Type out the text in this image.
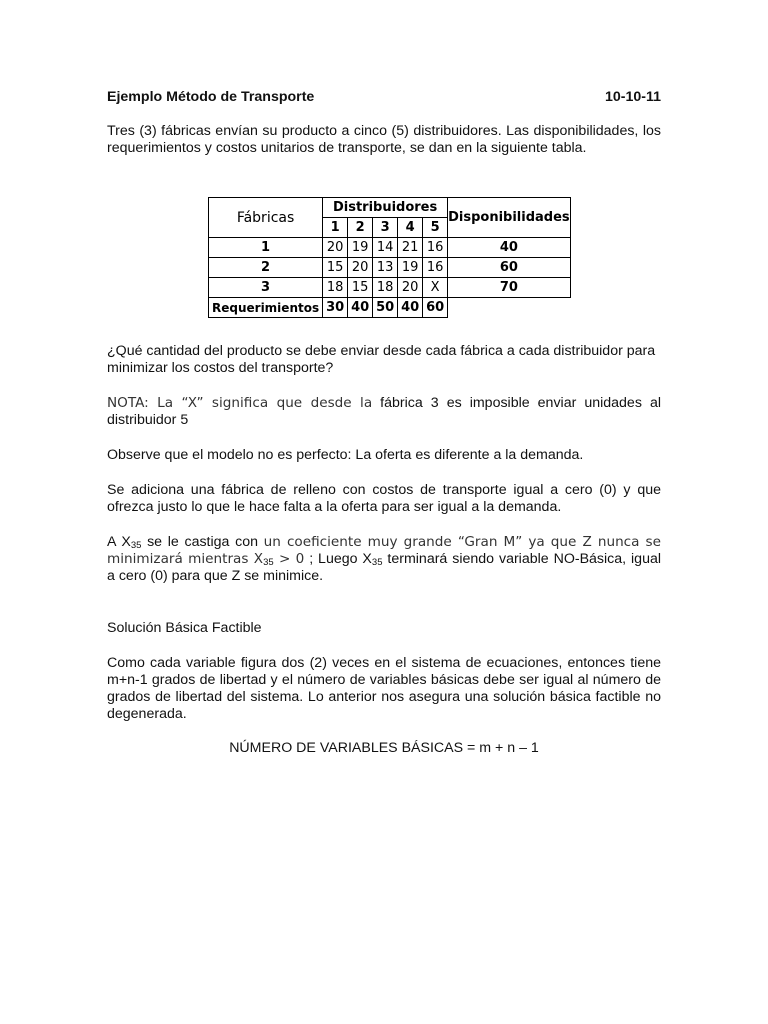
Ejemplo Método de Transporte	10-10-11
Tres (3) fábricas envían su producto a cinco (5) distribuidores. Las disponibilidades, los requerimientos y costos unitarios de transporte, se dan en la siguiente tabla.
Fábricas	Distribuidores					Disponibilidades
	1	2	3	4	5	
1	20	19	14	21	16	40
2	15	20	13	19	16	60
3	18	15	18	20	X	70
Requerimientos	30	40	50	40	60	
¿Qué cantidad del producto se debe enviar desde cada fábrica a cada distribuidor para minimizar los costos del transporte?
NOTA: La “X” significa que desde la fábrica 3 es imposible enviar unidades al distribuidor 5
Observe que el modelo no es perfecto: La oferta es diferente a la demanda.
Se adiciona una fábrica de relleno con costos de transporte igual a cero (0) y que ofrezca justo lo que le hace falta a la oferta para ser igual a la demanda.
A $X_{35}$ se le castiga con un coeficiente muy grande “Gran M” ya que Z nunca se minimizará mientras $X_{35} > 0$ ; Luego $X_{35}$ terminará siendo variable NO-Básica, igual a cero (0) para que Z se minimice.
Solución Básica Factible
Como cada variable figura dos (2) veces en el sistema de ecuaciones, entonces tiene m+n-1 grados de libertad y el número de variables básicas debe ser igual al número de grados de libertad del sistema. Lo anterior nos asegura una solución básica factible no degenerada.
NÚMERO DE VARIABLES BÁSICAS = m + n – 1
